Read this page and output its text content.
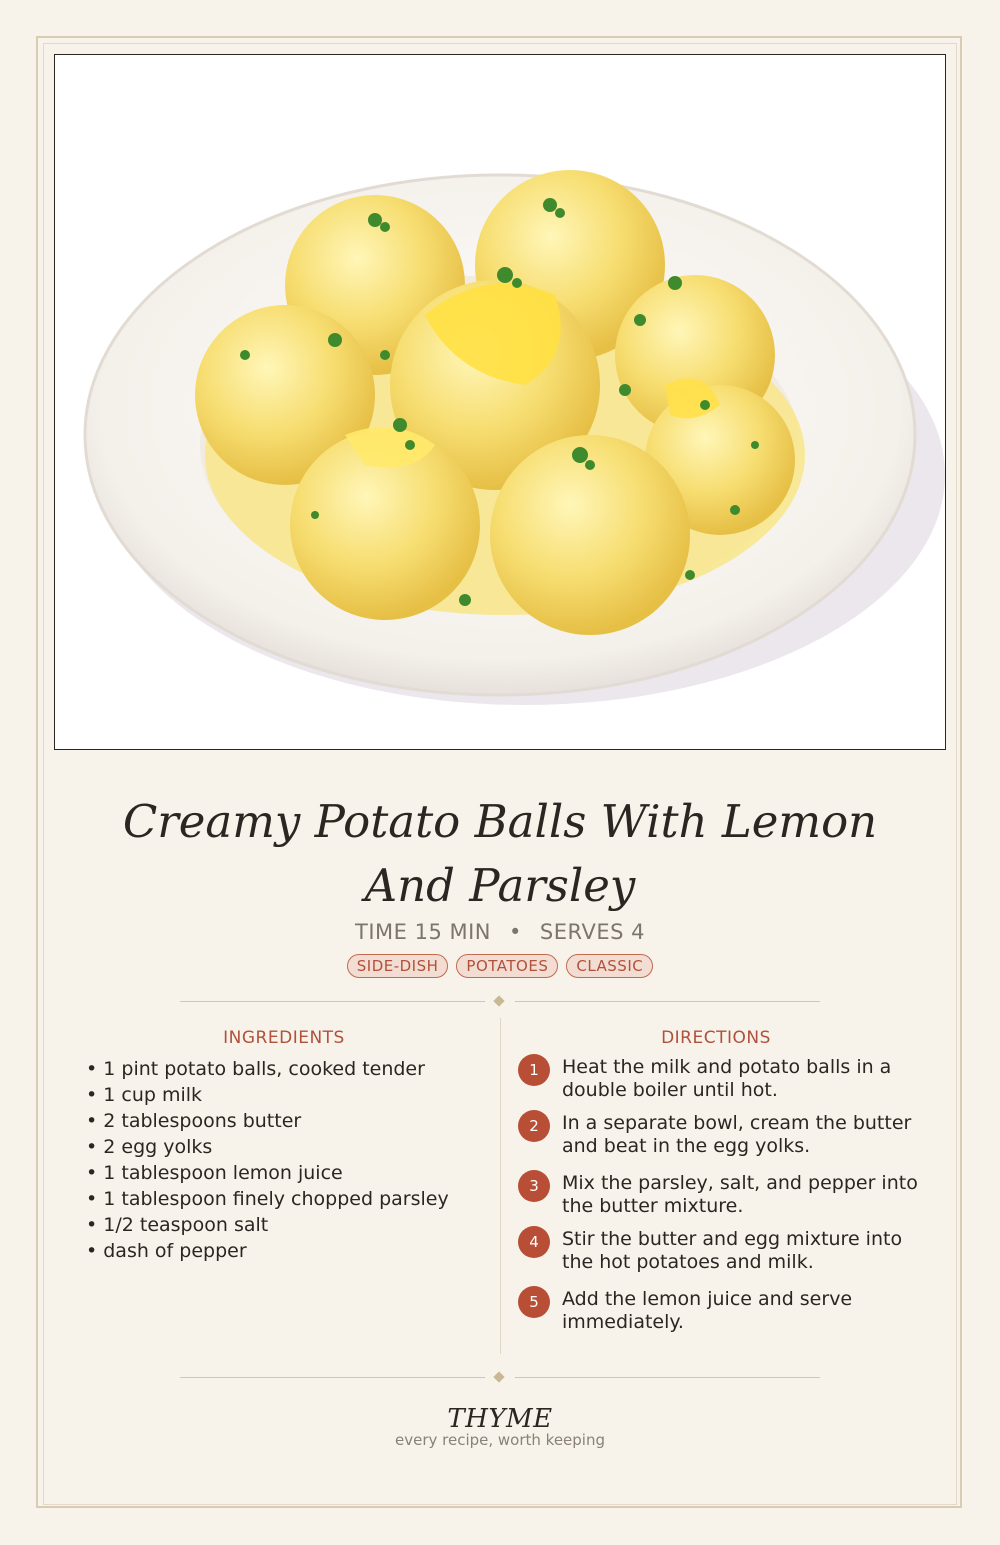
Creamy Potato Balls With Lemon And Parsley
TIME 15 MIN • SERVES 4
SIDE-DISH POTATOES CLASSIC
INGREDIENTS
• 1 pint potato balls, cooked tender
• 1 cup milk
• 2 tablespoons butter
• 2 egg yolks
• 1 tablespoon lemon juice
• 1 tablespoon finely chopped parsley
• 1/2 teaspoon salt
• dash of pepper
DIRECTIONS
1	Heat the milk and potato balls in a double boiler until hot.
2	In a separate bowl, cream the butter and beat in the egg yolks.
3	Mix the parsley, salt, and pepper into the butter mixture.
4	Stir the butter and egg mixture into the hot potatoes and milk.
5	Add the lemon juice and serve immediately.
THYME
every recipe, worth keeping
